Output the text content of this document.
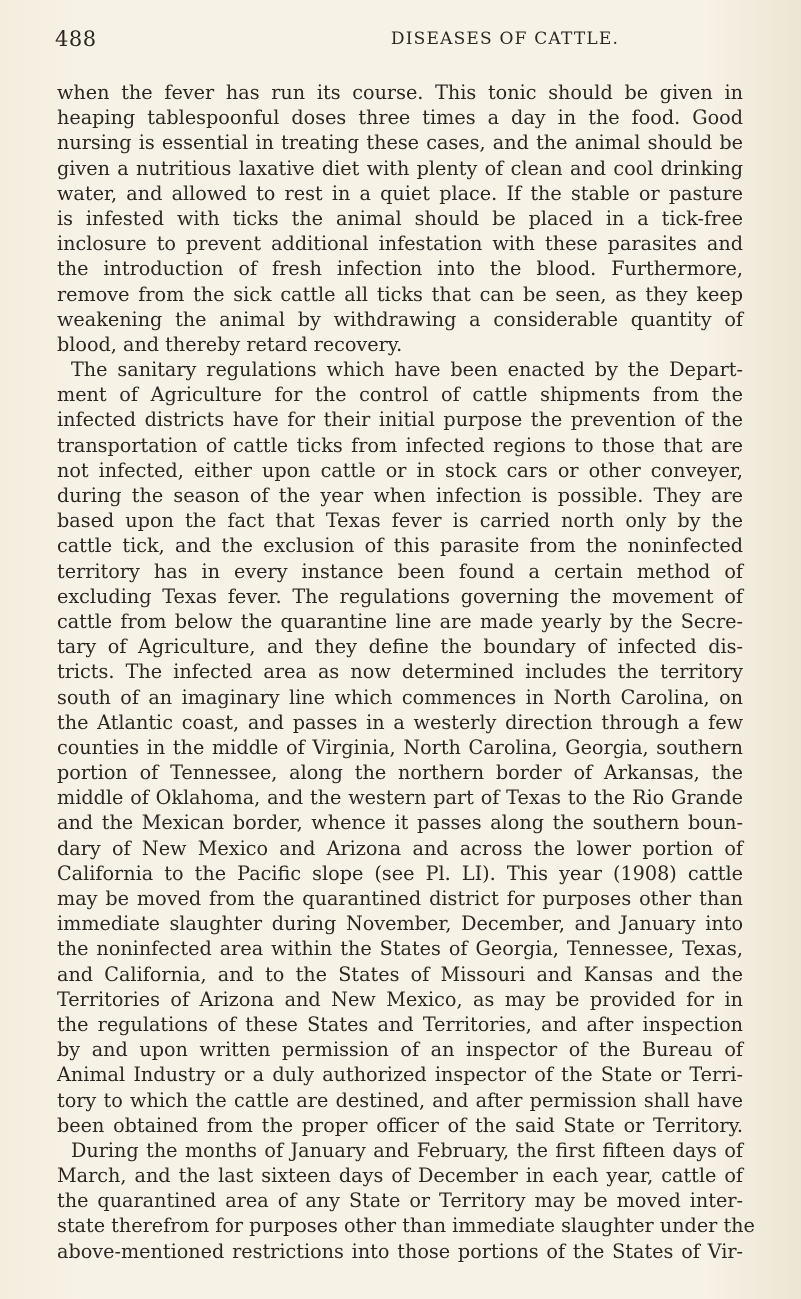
488	DISEASES OF CATTLE.
when the fever has run its course. This tonic should be given in
heaping tablespoonful doses three times a day in the food. Good
nursing is essential in treating these cases, and the animal should be
given a nutritious laxative diet with plenty of clean and cool drinking
water, and allowed to rest in a quiet place. If the stable or pasture
is infested with ticks the animal should be placed in a tick-free
inclosure to prevent additional infestation with these parasites and
the introduction of fresh infection into the blood. Furthermore,
remove from the sick cattle all ticks that can be seen, as they keep
weakening the animal by withdrawing a considerable quantity of
blood, and thereby retard recovery.
The sanitary regulations which have been enacted by the Depart-
ment of Agriculture for the control of cattle shipments from the
infected districts have for their initial purpose the prevention of the
transportation of cattle ticks from infected regions to those that are
not infected, either upon cattle or in stock cars or other conveyer,
during the season of the year when infection is possible. They are
based upon the fact that Texas fever is carried north only by the
cattle tick, and the exclusion of this parasite from the noninfected
territory has in every instance been found a certain method of
excluding Texas fever. The regulations governing the movement of
cattle from below the quarantine line are made yearly by the Secre-
tary of Agriculture, and they define the boundary of infected dis-
tricts. The infected area as now determined includes the territory
south of an imaginary line which commences in North Carolina, on
the Atlantic coast, and passes in a westerly direction through a few
counties in the middle of Virginia, North Carolina, Georgia, southern
portion of Tennessee, along the northern border of Arkansas, the
middle of Oklahoma, and the western part of Texas to the Rio Grande
and the Mexican border, whence it passes along the southern boun-
dary of New Mexico and Arizona and across the lower portion of
California to the Pacific slope (see Pl. LI). This year (1908) cattle
may be moved from the quarantined district for purposes other than
immediate slaughter during November, December, and January into
the noninfected area within the States of Georgia, Tennessee, Texas,
and California, and to the States of Missouri and Kansas and the
Territories of Arizona and New Mexico, as may be provided for in
the regulations of these States and Territories, and after inspection
by and upon written permission of an inspector of the Bureau of
Animal Industry or a duly authorized inspector of the State or Terri-
tory to which the cattle are destined, and after permission shall have
been obtained from the proper officer of the said State or Territory.
During the months of January and February, the first fifteen days of
March, and the last sixteen days of December in each year, cattle of
the quarantined area of any State or Territory may be moved inter-
state therefrom for purposes other than immediate slaughter under the
above-mentioned restrictions into those portions of the States of Vir-
